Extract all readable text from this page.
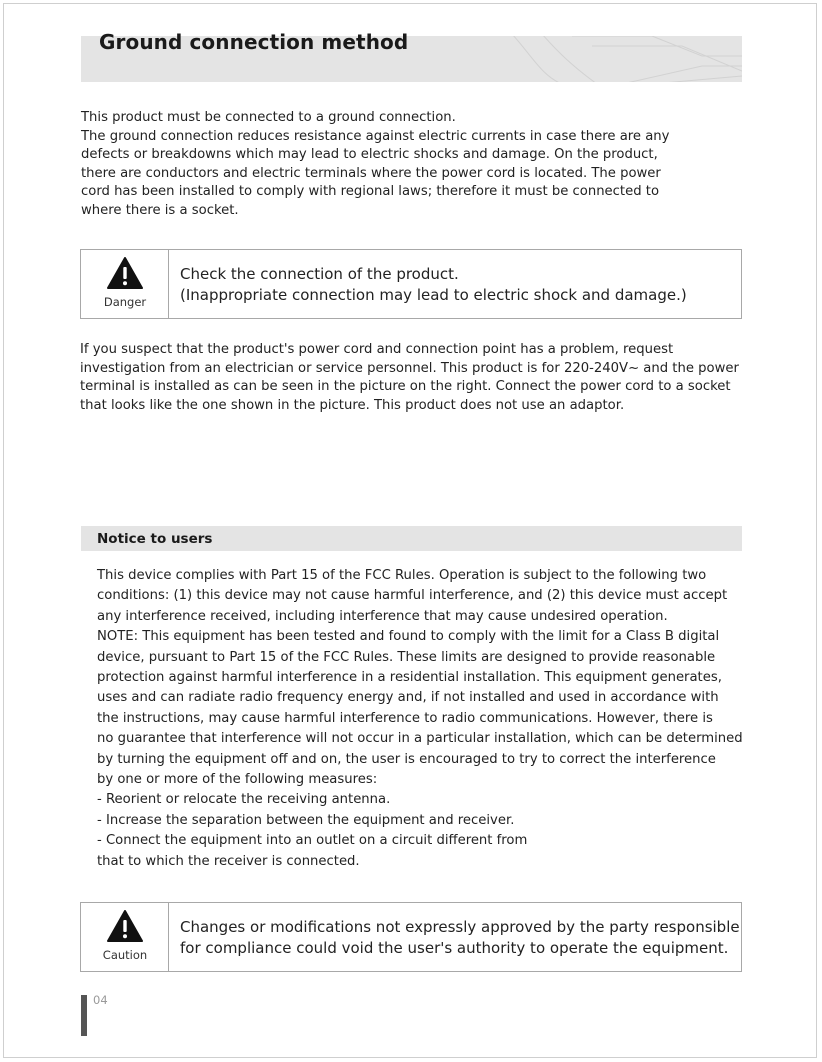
Ground connection method

This product must be connected to a ground connection.
The ground connection reduces resistance against electric currents in case there are any
defects or breakdowns which may lead to electric shocks and damage. On the product,
there are conductors and electric terminals where the power cord is located. The power
cord has been installed to comply with regional laws; therefore it must be connected to
where there is a socket.

Danger
Check the connection of the product.
(Inappropriate connection may lead to electric shock and damage.)

If you suspect that the product's power cord and connection point has a problem, request investigation from an electrician or service personnel. This product is for 220-240V~ and the power terminal is installed as can be seen in the picture on the right. Connect the power cord to a socket that looks like the one shown in the picture. This product does not use an adaptor.

Notice to users
This device complies with Part 15 of the FCC Rules. Operation is subject to the following two
conditions: (1) this device may not cause harmful interference, and (2) this device must accept
any interference received, including interference that may cause undesired operation.
NOTE: This equipment has been tested and found to comply with the limit for a Class B digital
device, pursuant to Part 15 of the FCC Rules. These limits are designed to provide reasonable
protection against harmful interference in a residential installation. This equipment generates,
uses and can radiate radio frequency energy and, if not installed and used in accordance with
the instructions, may cause harmful interference to radio communications. However, there is
no guarantee that interference will not occur in a particular installation, which can be determined
by turning the equipment off and on, the user is encouraged to try to correct the interference
by one or more of the following measures:
- Reorient or relocate the receiving antenna.
- Increase the separation between the equipment and receiver.
- Connect the equipment into an outlet on a circuit different from
that to which the receiver is connected.
Caution
Changes or modifications not expressly approved by the party responsible
for compliance could void the user's authority to operate the equipment.
04
